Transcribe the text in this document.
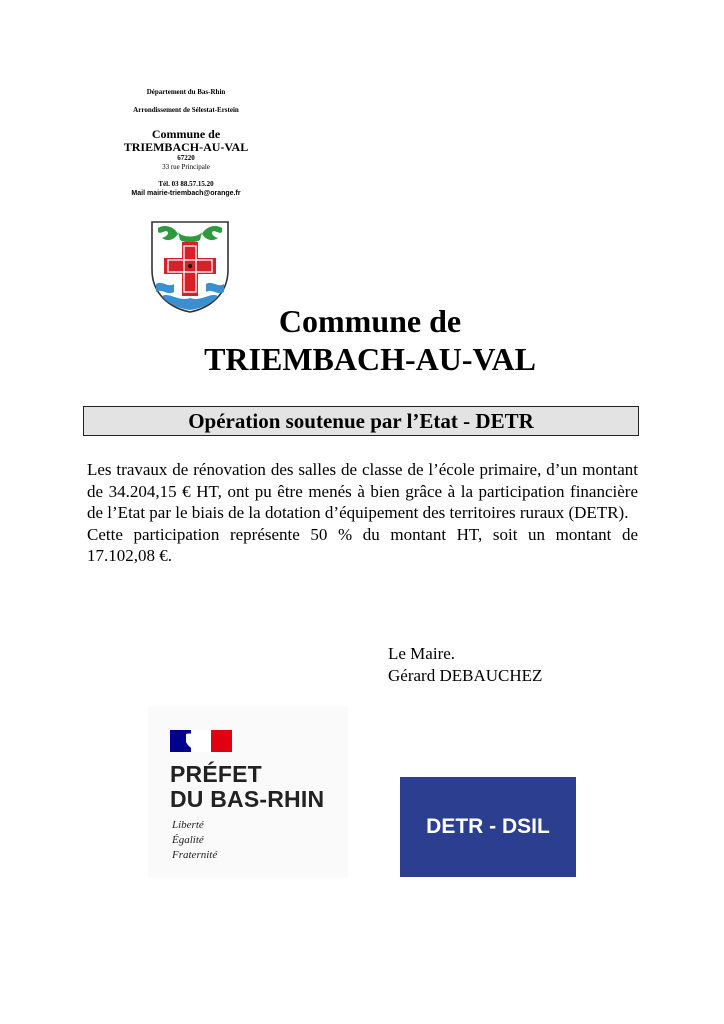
Département du Bas-Rhin
Arrondissement de Sélestat-Erstein
Commune de
TRIEMBACH-AU-VAL
67220
33 rue Principale
Tél. 03 88.57.15.20
Mail mairie-triembach@orange.fr
Commune de
TRIEMBACH-AU-VAL
Opération soutenue par l’Etat - DETR

Les travaux de rénovation des salles de classe de l’école primaire, d’un montant de 34.204,15 € HT, ont pu être menés à bien grâce à la participation financière de l’Etat par le biais de la dotation d’équipement des territoires ruraux (DETR).

Cette participation représente 50 % du montant HT, soit un montant de 17.102,08 €.

Le Maire.
Gérard DEBAUCHEZ
PRÉFET
DU BAS-RHIN
Liberté
Égalité
Fraternité
DETR - DSIL
